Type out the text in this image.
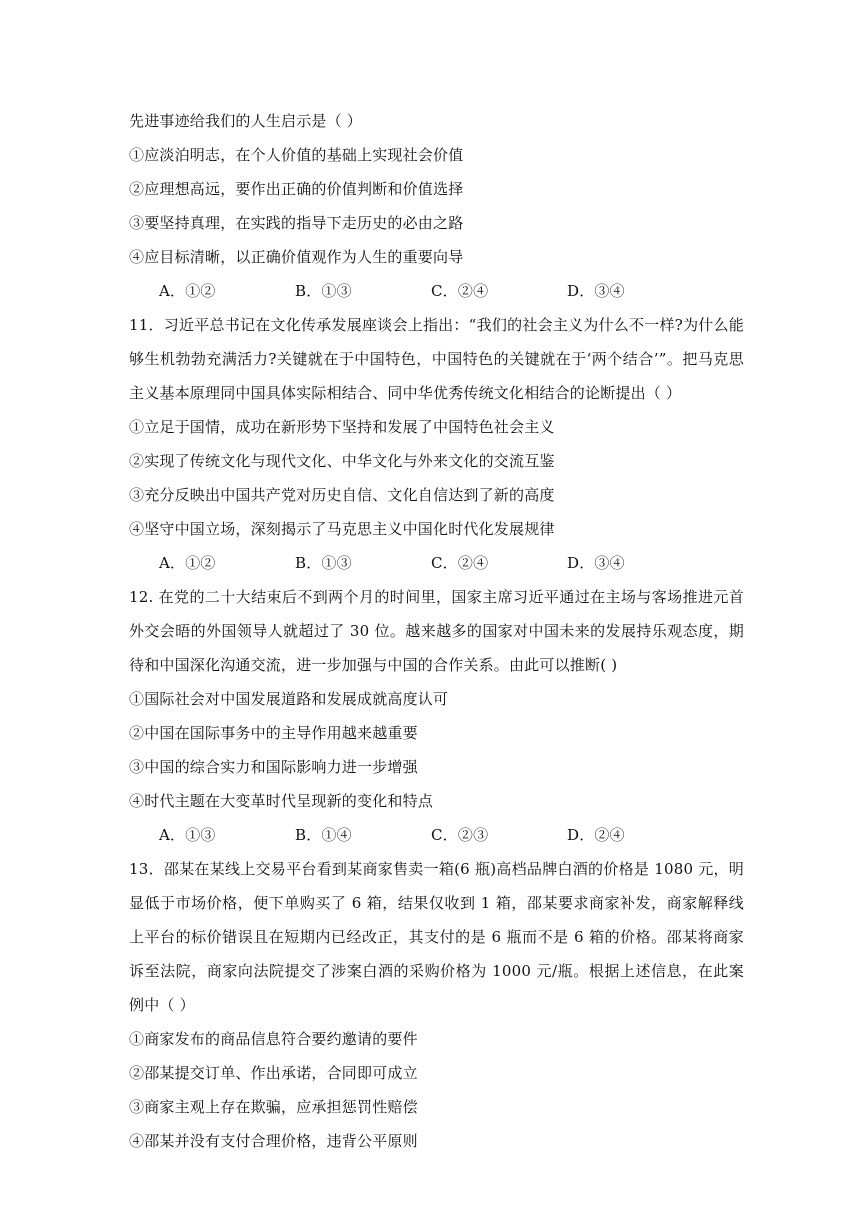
先进事迹给我们的人生启示是（ ）
①应淡泊明志，在个人价值的基础上实现社会价值
②应理想高远，要作出正确的价值判断和价值选择
③要坚持真理，在实践的指导下走历史的必由之路
④应目标清晰，以正确价值观作为人生的重要向导
A．①②	B．①③	C．②④	D．③④
11．习近平总书记在文化传承发展座谈会上指出：“我们的社会主义为什么不一样?为什么能够生机勃勃充满活力?关键就在于中国特色，中国特色的关键就在于‘两个结合’”。把马克思主义基本原理同中国具体实际相结合、同中华优秀传统文化相结合的论断提出（ ）
①立足于国情，成功在新形势下坚持和发展了中国特色社会主义
②实现了传统文化与现代文化、中华文化与外来文化的交流互鉴
③充分反映出中国共产党对历史自信、文化自信达到了新的高度
④坚守中国立场，深刻揭示了马克思主义中国化时代化发展规律
A．①②	B．①③	C．②④	D．③④
12. 在党的二十大结束后不到两个月的时间里，国家主席习近平通过在主场与客场推进元首外交会晤的外国领导人就超过了 30 位。越来越多的国家对中国未来的发展持乐观态度，期待和中国深化沟通交流，进一步加强与中国的合作关系。由此可以推断( )
①国际社会对中国发展道路和发展成就高度认可
②中国在国际事务中的主导作用越来越重要
③中国的综合实力和国际影响力进一步增强
④时代主题在大变革时代呈现新的变化和特点
A．①③	B．①④	C．②③	D．②④
13．邵某在某线上交易平台看到某商家售卖一箱(6 瓶)高档品牌白酒的价格是 1080 元，明显低于市场价格，便下单购买了 6 箱，结果仅收到 1 箱，邵某要求商家补发，商家解释线上平台的标价错误且在短期内已经改正，其支付的是 6 瓶而不是 6 箱的价格。邵某将商家诉至法院，商家向法院提交了涉案白酒的采购价格为 1000 元/瓶。根据上述信息，在此案例中（ ）
①商家发布的商品信息符合要约邀请的要件
②邵某提交订单、作出承诺，合同即可成立
③商家主观上存在欺骗，应承担惩罚性赔偿
④邵某并没有支付合理价格，违背公平原则
